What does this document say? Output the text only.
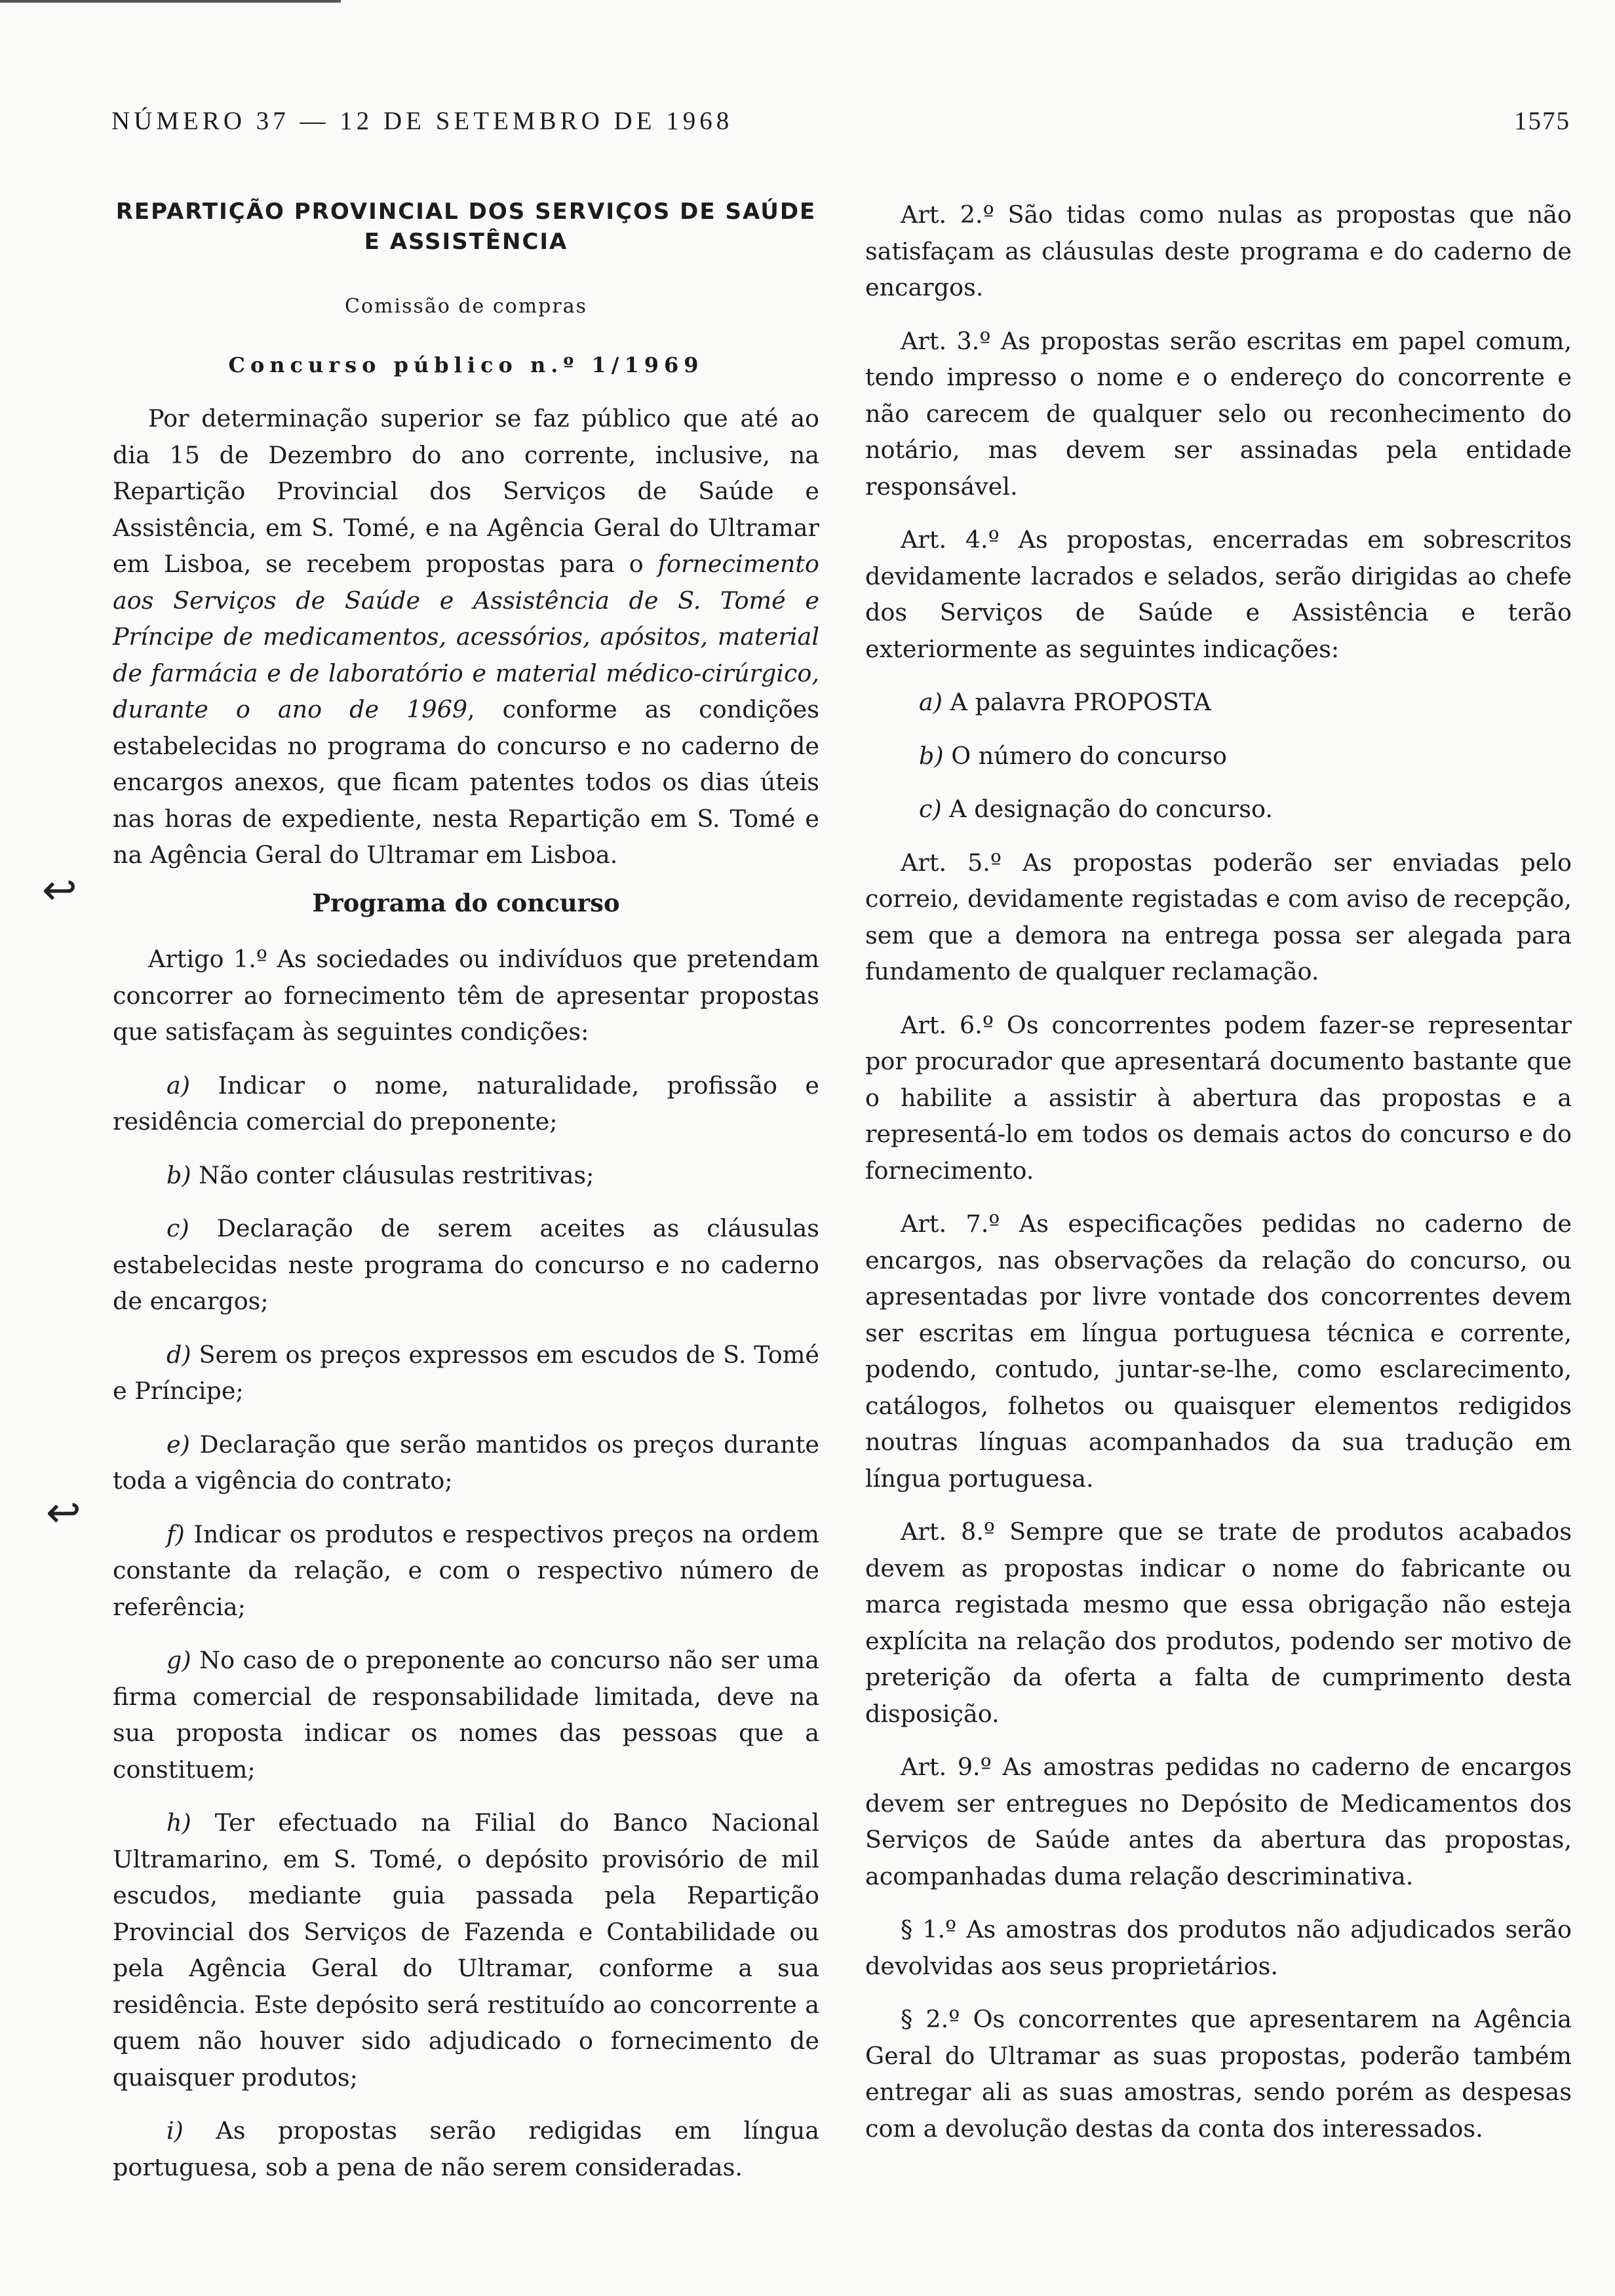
NÚMERO 37 — 12 DE SETEMBRO DE 1968	1575

REPARTIÇÃO PROVINCIAL DOS SERVIÇOS DE SAÚDE E ASSISTÊNCIA

Comissão de compras

Concurso público n.º 1/1969

Por determinação superior se faz público que até ao dia 15 de Dezembro do ano corrente, inclusive, na Repartição Provincial dos Serviços de Saúde e Assistência, em S. Tomé, e na Agência Geral do Ultramar em Lisboa, se recebem propostas para o fornecimento aos Serviços de Saúde e Assistência de S. Tomé e Príncipe de medicamentos, acessórios, apósitos, material de farmácia e de laboratório e material médico-cirúrgico, durante o ano de 1969, conforme as condições estabelecidas no programa do concurso e no caderno de encargos anexos, que ficam patentes todos os dias úteis nas horas de expediente, nesta Repartição em S. Tomé e na Agência Geral do Ultramar em Lisboa.

Programa do concurso

Artigo 1.º As sociedades ou indivíduos que pretendam concorrer ao fornecimento têm de apresentar propostas que satisfaçam às seguintes condições:

a) Indicar o nome, naturalidade, profissão e residência comercial do preponente;

b) Não conter cláusulas restritivas;

c) Declaração de serem aceites as cláusulas estabelecidas neste programa do concurso e no caderno de encargos;

d) Serem os preços expressos em escudos de S. Tomé e Príncipe;

e) Declaração que serão mantidos os preços durante toda a vigência do contrato;

f) Indicar os produtos e respectivos preços na ordem constante da relação, e com o respectivo número de referência;

g) No caso de o preponente ao concurso não ser uma firma comercial de responsabilidade limitada, deve na sua proposta indicar os nomes das pessoas que a constituem;

h) Ter efectuado na Filial do Banco Nacional Ultramarino, em S. Tomé, o depósito provisório de mil escudos, mediante guia passada pela Repartição Provincial dos Serviços de Fazenda e Contabilidade ou pela Agência Geral do Ultramar, conforme a sua residência. Este depósito será restituído ao concorrente a quem não houver sido adjudicado o fornecimento de quaisquer produtos;

i) As propostas serão redigidas em língua portuguesa, sob a pena de não serem consideradas.

Art. 2.º São tidas como nulas as propostas que não satisfaçam as cláusulas deste programa e do caderno de encargos.

Art. 3.º As propostas serão escritas em papel comum, tendo impresso o nome e o endereço do concorrente e não carecem de qualquer selo ou reconhecimento do notário, mas devem ser assinadas pela entidade responsável.

Art. 4.º As propostas, encerradas em sobrescritos devidamente lacrados e selados, serão dirigidas ao chefe dos Serviços de Saúde e Assistência e terão exteriormente as seguintes indicações:

a) A palavra PROPOSTA

b) O número do concurso

c) A designação do concurso.

Art. 5.º As propostas poderão ser enviadas pelo correio, devidamente registadas e com aviso de recepção, sem que a demora na entrega possa ser alegada para fundamento de qualquer reclamação.

Art. 6.º Os concorrentes podem fazer-se representar por procurador que apresentará documento bastante que o habilite a assistir à abertura das propostas e a representá-lo em todos os demais actos do concurso e do fornecimento.

Art. 7.º As especificações pedidas no caderno de encargos, nas observações da relação do concurso, ou apresentadas por livre vontade dos concorrentes devem ser escritas em língua portuguesa técnica e corrente, podendo, contudo, juntar-se-lhe, como esclarecimento, catálogos, folhetos ou quaisquer elementos redigidos noutras línguas acompanhados da sua tradução em língua portuguesa.

Art. 8.º Sempre que se trate de produtos acabados devem as propostas indicar o nome do fabricante ou marca registada mesmo que essa obrigação não esteja explícita na relação dos produtos, podendo ser motivo de preterição da oferta a falta de cumprimento desta disposição.

Art. 9.º As amostras pedidas no caderno de encargos devem ser entregues no Depósito de Medicamentos dos Serviços de Saúde antes da abertura das propostas, acompanhadas duma relação descriminativa.

§ 1.º As amostras dos produtos não adjudicados serão devolvidas aos seus proprietários.

§ 2.º Os concorrentes que apresentarem na Agência Geral do Ultramar as suas propostas, poderão também entregar ali as suas amostras, sendo porém as despesas com a devolução destas da conta dos interessados.

↩
↩
